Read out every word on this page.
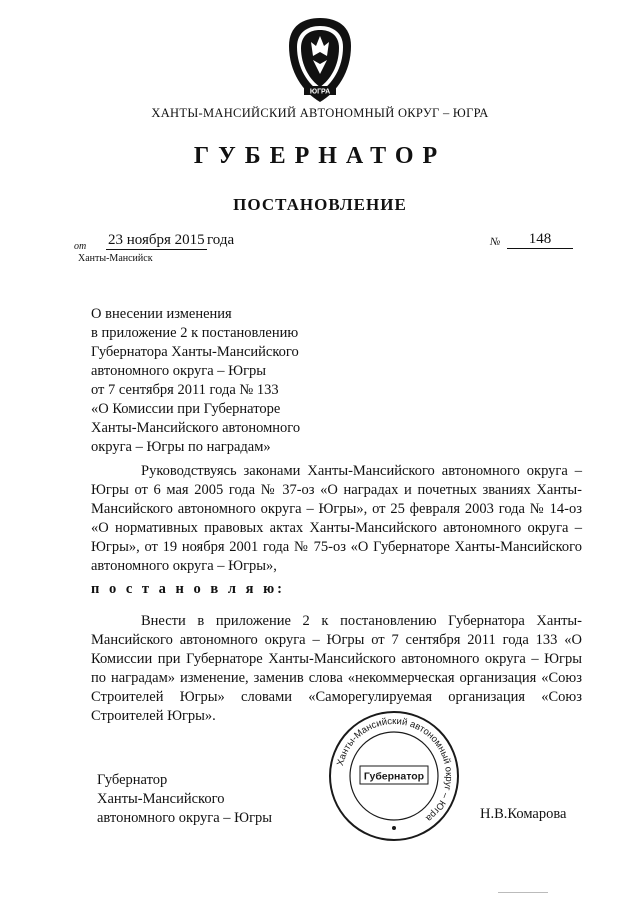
ЮГРА
ХАНТЫ-МАНСИЙСКИЙ АВТОНОМНЫЙ ОКРУГ – ЮГРА
ГУБЕРНАТОР
ПОСТАНОВЛЕНИЕ
от 23 ноября 2015 года	№	148
Ханты-Мансийск
О внесении изменения
в приложение 2 к постановлению
Губернатора Ханты-Мансийского
автономного округа – Югры
от 7 сентября 2011 года № 133
«О Комиссии при Губернаторе
Ханты-Мансийского автономного
округа – Югры по наградам»
Руководствуясь законами Ханты-Мансийского автономного округа – Югры от 6 мая 2005 года № 37-оз «О наградах и почетных званиях Ханты-Мансийского автономного округа – Югры», от 25 февраля 2003 года № 14-оз «О нормативных правовых актах Ханты-Мансийского автономного округа – Югры», от 19 ноября 2001 года № 75-оз «О Губернаторе Ханты-Мансийского автономного округа – Югры»,
п о с т а н о в л я ю:
Внести в приложение 2 к постановлению Губернатора Ханты-Мансийского автономного округа – Югры от 7 сентября 2011 года 133 «О Комиссии при Губернаторе Ханты-Мансийского автономного округа – Югры по наградам» изменение, заменив слова «некоммерческая организация «Союз Строителей Югры» словами «Саморегулируемая организация «Союз Строителей Югры».
Губернатор
Ханты-Мансийского
автономного округа – Югры	Н.В.Комарова
Ханты-Мансийский автономный округ – Югра
Губернатор
